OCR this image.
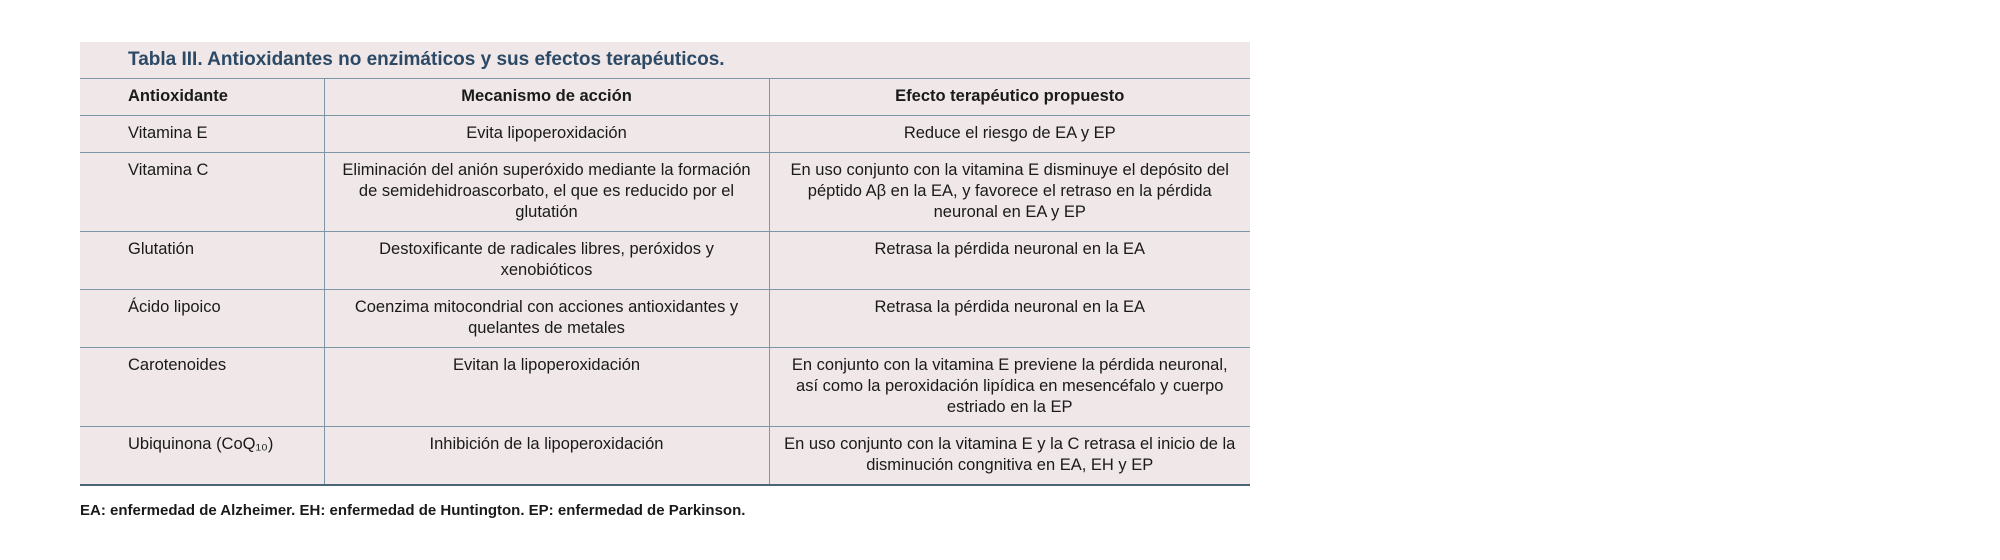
Tabla III. Antioxidantes no enzimáticos y sus efectos terapéuticos.
Antioxidante	Mecanismo de acción	Efecto terapéutico propuesto
Vitamina E	Evita lipoperoxidación	Reduce el riesgo de EA y EP
Vitamina C	Eliminación del anión superóxido mediante la formación de semidehidroascorbato, el que es reducido por el glutatión	En uso conjunto con la vitamina E disminuye el depósito del péptido Aβ en la EA, y favorece el retraso en la pérdida neuronal en EA y EP
Glutatión	Destoxificante de radicales libres, peróxidos y xenobióticos	Retrasa la pérdida neuronal en la EA
Ácido lipoico	Coenzima mitocondrial con acciones antioxidantes y quelantes de metales	Retrasa la pérdida neuronal en la EA
Carotenoides	Evitan la lipoperoxidación	En conjunto con la vitamina E previene la pérdida neuronal, así como la peroxidación lipídica en mesencéfalo y cuerpo estriado en la EP
Ubiquinona (CoQ₁₀)	Inhibición de la lipoperoxidación	En uso conjunto con la vitamina E y la C retrasa el inicio de la disminución congnitiva en EA, EH y EP
EA: enfermedad de Alzheimer. EH: enfermedad de Huntington. EP: enfermedad de Parkinson.
